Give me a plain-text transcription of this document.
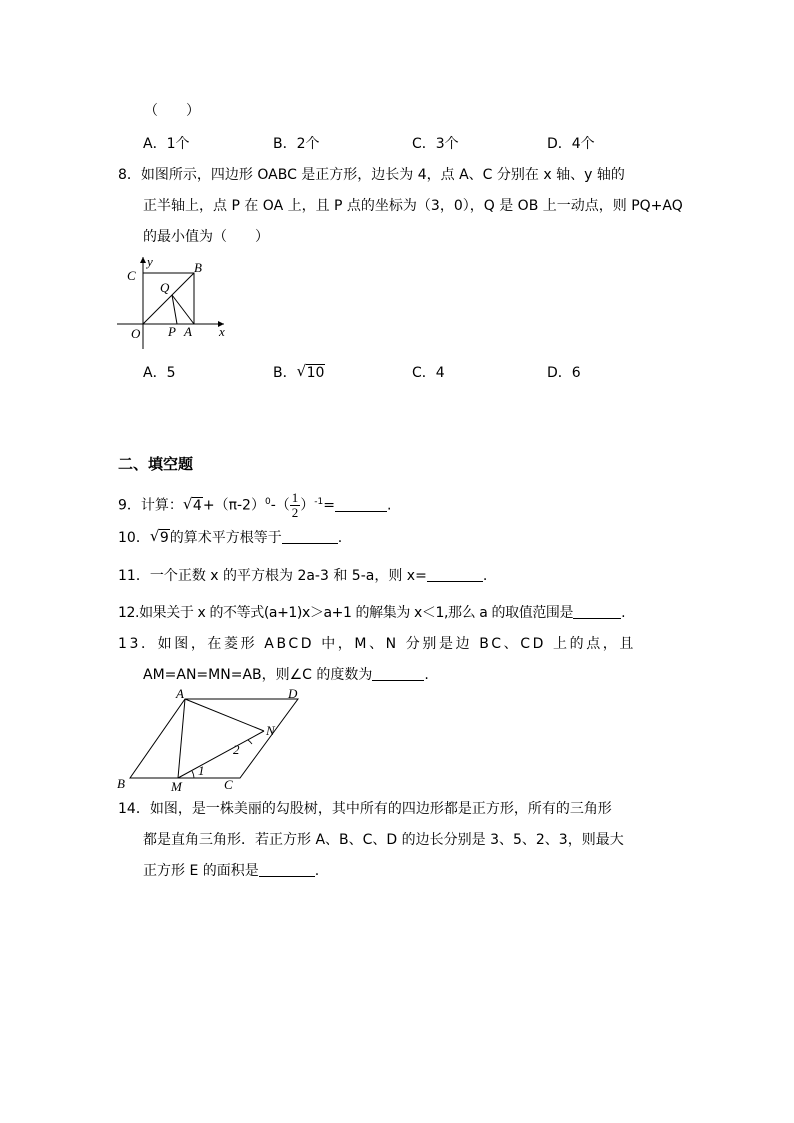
（　　）
A．1个	B．2个	C．3个	D．4个
8．如图所示，四边形 OABC 是正方形，边长为 4，点 A、C 分别在 x 轴、y 轴的
正半轴上，点 P 在 OA 上，且 P 点的坐标为（3，0），Q 是 OB 上一动点，则 PQ+AQ
的最小值为（　　）
y
C
B
Q
O P A x
A．5	B． √ 10	C．4	D．6
二、填空题
9．计算： √ $4+(\pi-2)^0-( \frac{1}{2} )^{-1}=$	.
10． √ 9的算术平方根等于	.
11．一个正数 x 的平方根为 2a-3 和 5-a，则 x=	.
12.如果关于 x 的不等式(a+1)x＞a+1 的解集为 x＜1,那么 a 的取值范围是	.
13．如图，在菱形 ABCD 中，M、N 分别是边 BC、CD 上的点，且
AM=AN=MN=AB，则∠C 的度数为	.
A	D
N
2
B	M
1
C
14．如图，是一株美丽的勾股树，其中所有的四边形都是正方形，所有的三角形
都是直角三角形．若正方形 A、B、C、D 的边长分别是 3、5、2、3，则最大
正方形 E 的面积是	.
